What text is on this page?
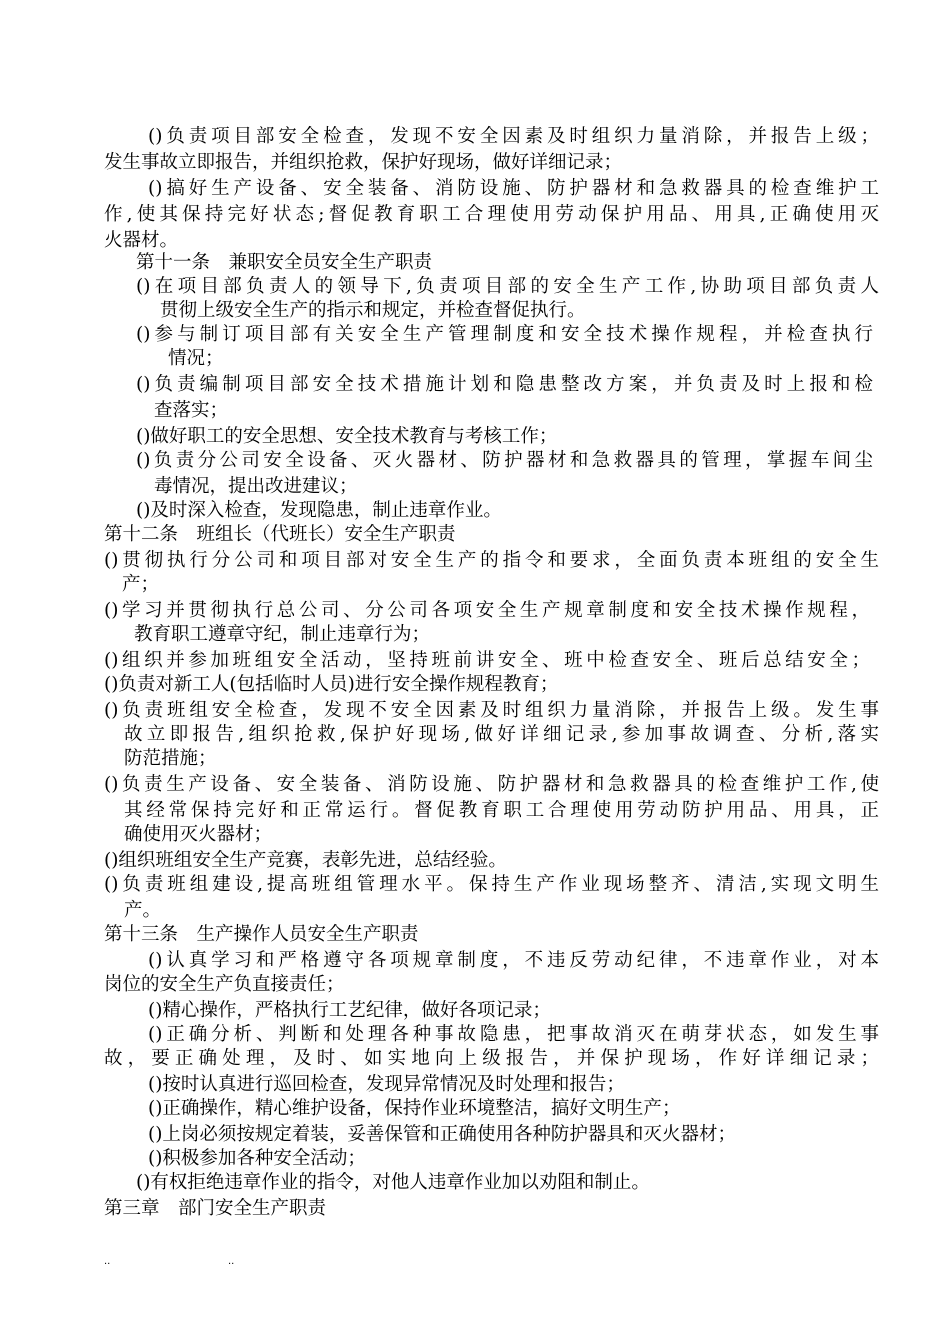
()负责项目部安全检查，发现不安全因素及时组织力量消除，并报告上级；
发生事故立即报告，并组织抢救，保护好现场，做好详细记录；
()搞好生产设备、安全装备、消防设施、防护器材和急救器具的检查维护工
作,使其保持完好状态;督促教育职工合理使用劳动保护用品、用具,正确使用灭
火器材。
第十一条　兼职安全员安全生产职责
()在项目部负责人的领导下,负责项目部的安全生产工作,协助项目部负责人
贯彻上级安全生产的指示和规定，并检查督促执行。
()参与制订项目部有关安全生产管理制度和安全技术操作规程，并检查执行
情况；
()负责编制项目部安全技术措施计划和隐患整改方案，并负责及时上报和检
查落实；
()做好职工的安全思想、安全技术教育与考核工作；
()负责分公司安全设备、灭火器材、防护器材和急救器具的管理，掌握车间尘
毒情况，提出改进建议；
()及时深入检查，发现隐患，制止违章作业。
第十二条　班组长（代班长）安全生产职责
()贯彻执行分公司和项目部对安全生产的指令和要求，全面负责本班组的安全生
产；
()学习并贯彻执行总公司、分公司各项安全生产规章制度和安全技术操作规程，
教育职工遵章守纪，制止违章行为；
()组织并参加班组安全活动，坚持班前讲安全、班中检查安全、班后总结安全；
()负责对新工人(包括临时人员)进行安全操作规程教育；
()负责班组安全检查，发现不安全因素及时组织力量消除，并报告上级。发生事
故立即报告,组织抢救,保护好现场,做好详细记录,参加事故调查、分析,落实
防范措施；
()负责生产设备、安全装备、消防设施、防护器材和急救器具的检查维护工作,使
其经常保持完好和正常运行。督促教育职工合理使用劳动防护用品、用具，正
确使用灭火器材；
()组织班组安全生产竞赛，表彰先进，总结经验。
()负责班组建设,提高班组管理水平。保持生产作业现场整齐、清洁,实现文明生
产。
第十三条　生产操作人员安全生产职责
()认真学习和严格遵守各项规章制度，不违反劳动纪律，不违章作业，对本
岗位的安全生产负直接责任；
()精心操作，严格执行工艺纪律，做好各项记录；
()正确分析、判断和处理各种事故隐患，把事故消灭在萌芽状态，如发生事
故，要正确处理，及时、如实地向上级报告，并保护现场，作好详细记录；
()按时认真进行巡回检查，发现异常情况及时处理和报告；
()正确操作，精心维护设备，保持作业环境整洁，搞好文明生产；
()上岗必须按规定着装，妥善保管和正确使用各种防护器具和灭火器材；
()积极参加各种安全活动；
()有权拒绝违章作业的指令，对他人违章作业加以劝阻和制止。
第三章　部门安全生产职责
..	..
